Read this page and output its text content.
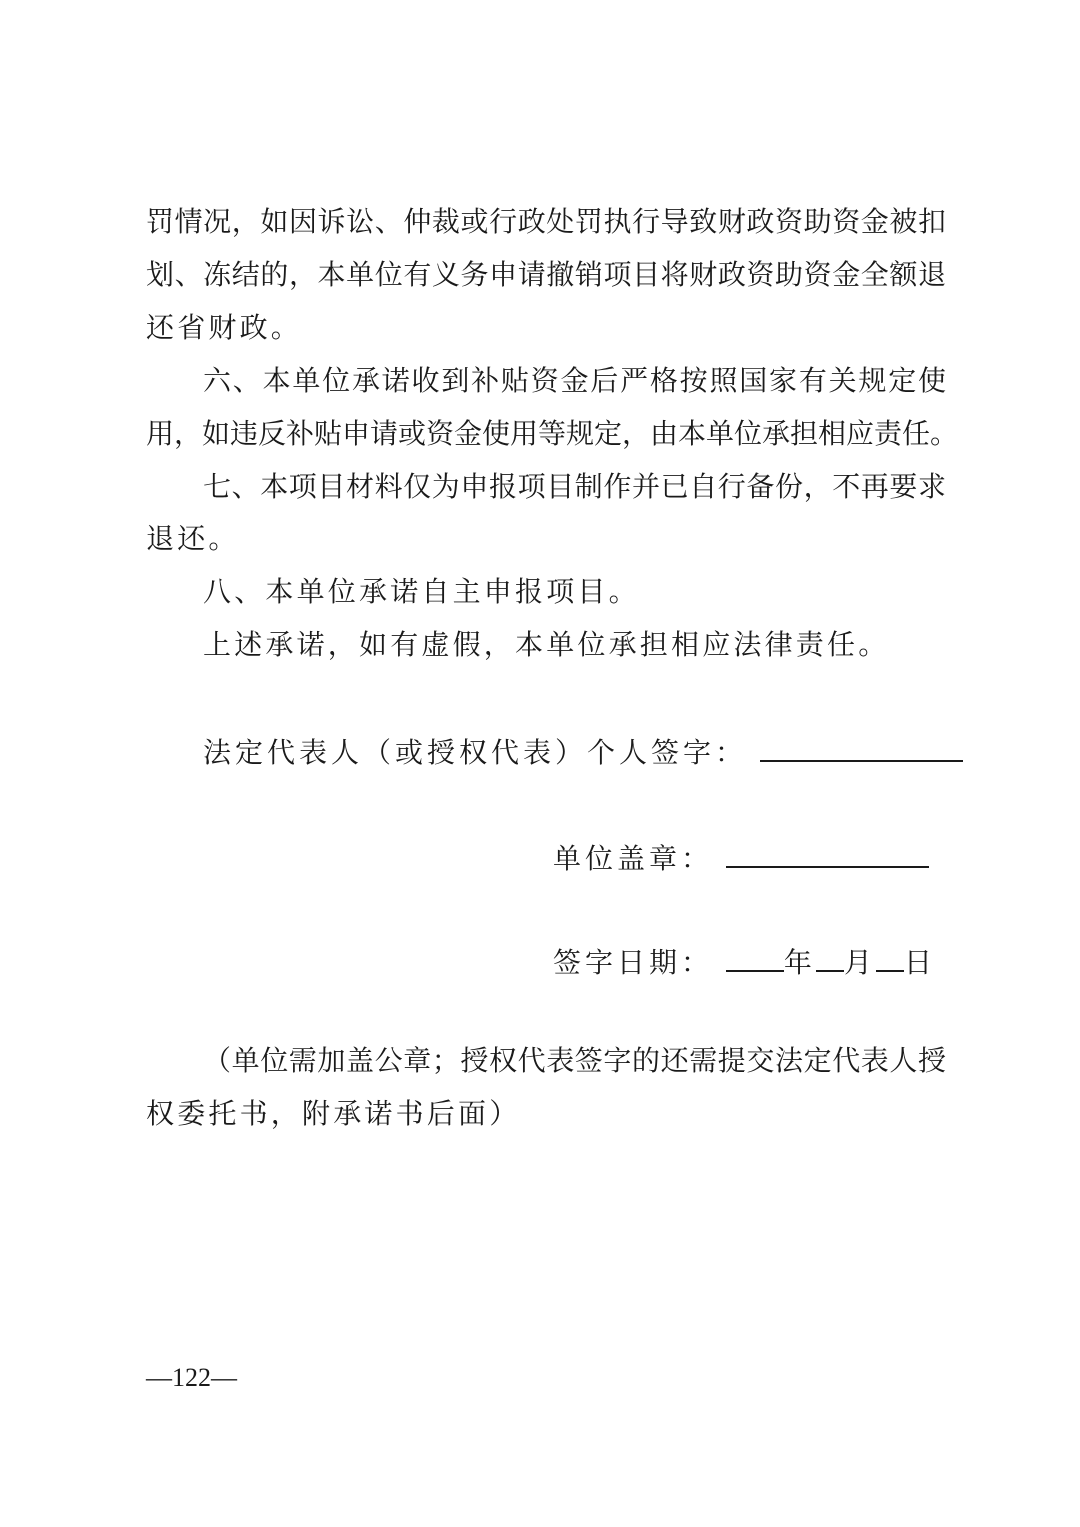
罚情况，如因诉讼、仲裁或行政处罚执行导致财政资助资金被扣
划、冻结的，本单位有义务申请撤销项目将财政资助资金全额退
还省财政。
六、本单位承诺收到补贴资金后严格按照国家有关规定使
用，如违反补贴申请或资金使用等规定，由本单位承担相应责任。
七、本项目材料仅为申报项目制作并已自行备份，不再要求
退还。
八、本单位承诺自主申报项目。
上述承诺，如有虚假，本单位承担相应法律责任。
法定代表人（或授权代表）个人签字：
单位盖章：
签字日期：	年 月 日
（单位需加盖公章；授权代表签字的还需提交法定代表人授
权委托书，附承诺书后面）
—122—
